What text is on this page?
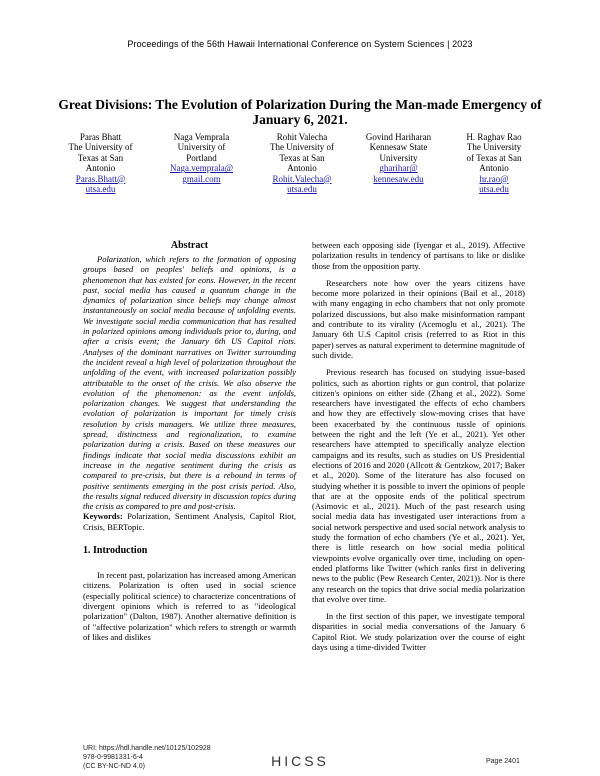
Proceedings of the 56th Hawaii International Conference on System Sciences | 2023
Great Divisions: The Evolution of Polarization During the Man-made Emergency of January 6, 2021.
Paras Bhatt
The University of
Texas at San
Antonio
Paras.Bhatt@
utsa.edu
Naga Vemprala
University of
Portland
Naga.vemprala@
gmail.com
Rohit Valecha
The University of
Texas at San
Antonio
Rohit.Valecha@
utsa.edu
Govind Hariharan
Kennesaw State
University
gharihar@
kennesaw.edu
H. Raghav Rao
The University
of Texas at San
Antonio
hr.rao@
utsa.edu

Abstract

Polarization, which refers to the formation of opposing groups based on peoples' beliefs and opinions, is a phenomenon that has existed for eons. However, in the recent past, social media has caused a quantum change in the dynamics of polarization since beliefs may change almost instantaneously on social media because of unfolding events. We investigate social media communication that has resulted in polarized opinions among individuals prior to, during, and after a crisis event; the January 6th US Capitol riots. Analyses of the dominant narratives on Twitter surrounding the incident reveal a high level of polarization throughout the unfolding of the event, with increased polarization possibly attributable to the onset of the crisis. We also observe the evolution of the phenomenon: as the event unfolds, polarization changes. We suggest that understanding the evolution of polarization is important for timely crisis resolution by crisis managers. We utilize three measures, spread, distinctness and regionalization, to examine polarization during a crisis. Based on these measures our findings indicate that social media discussions exhibit an increase in the negative sentiment during the crisis as compared to pre-crisis, but there is a rebound in terms of positive sentiments emerging in the post crisis period. Also, the results signal reduced diversity in discussion topics during the crisis as compared to pre and post-crisis.

Keywords: Polarization, Sentiment Analysis, Capitol Riot, Crisis, BERTopic.

1. Introduction

In recent past, polarization has increased among American citizens. Polarization is often used in social science (especially political science) to characterize concentrations of divergent opinions which is referred to as "ideological polarization" (Dalton, 1987). Another alternative definition is of "affective polarization" which refers to strength or warmth of likes and dislikes

between each opposing side (Iyengar et al., 2019). Affective polarization results in tendency of partisans to like or dislike those from the opposition party.

Researchers note how over the years citizens have become more polarized in their opinions (Bail et al., 2018) with many engaging in echo chambers that not only promote polarized discussions, but also make misinformation rampant and contribute to its virality (Acemoglu et al., 2021). The January 6th U.S Capitol crisis (referred to as Riot in this paper) serves as natural experiment to determine magnitude of such divide.

Previous research has focused on studying issue-based politics, such as abortion rights or gun control, that polarize citizen's opinions on either side (Zhang et al., 2022). Some researchers have investigated the effects of echo chambers and how they are effectively slow-moving crises that have been exacerbated by the continuous tussle of opinions between the right and the left (Ye et al., 2021). Yet other researchers have attempted to specifically analyze election campaigns and its results, such as studies on US Presidential elections of 2016 and 2020 (Allcott & Gentzkow, 2017; Baker et al., 2020). Some of the literature has also focused on studying whether it is possible to invert the opinions of people that are at the opposite ends of the political spectrum (Asimovic et al., 2021). Much of the past research using social media data has investigated user interactions from a social network perspective and used social network analysis to study the formation of echo chambers (Ye et al., 2021). Yet, there is little research on how social media political viewpoints evolve organically over time, including on open-ended platforms like Twitter (which ranks first in delivering news to the public (Pew Research Center, 2021)). Nor is there any research on the topics that drive social media polarization that evolve over time.

In the first section of this paper, we investigate temporal disparities in social media conversations of the January 6 Capitol Riot. We study polarization over the course of eight days using a time-divided Twitter

URI: https://hdl.handle.net/10125/102928
978-0-9981331-6-4
(CC BY-NC-ND 4.0)	HICSS	Page 2401
